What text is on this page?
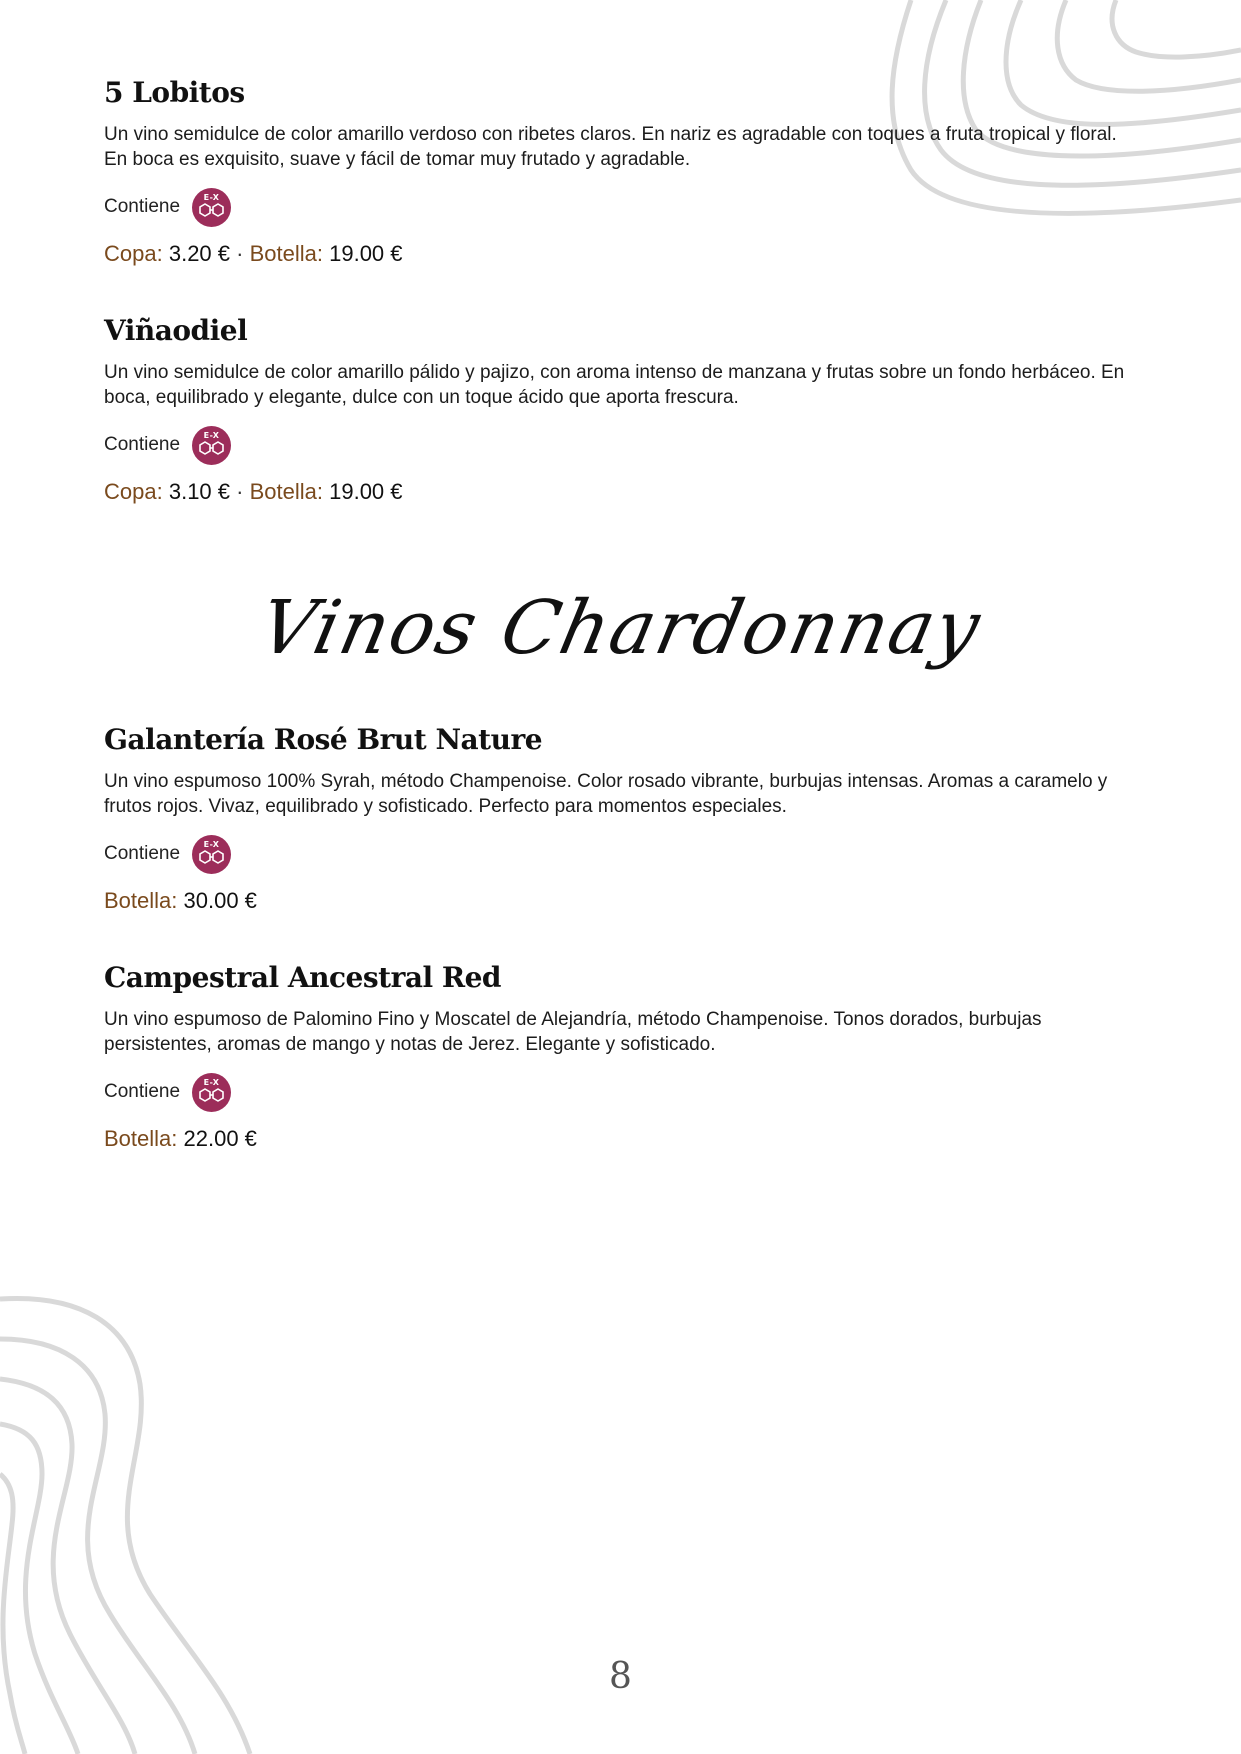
5 Lobitos

Un vino semidulce de color amarillo verdoso con ribetes claros. En nariz es agradable con toques a fruta tropical y floral. En boca es exquisito, suave y fácil de tomar muy frutado y agradable.

Contiene	E-X
Copa: 3.20 € · Botella: 19.00 €
Viñaodiel

Un vino semidulce de color amarillo pálido y pajizo, con aroma intenso de manzana y frutas sobre un fondo herbáceo. En boca, equilibrado y elegante, dulce con un toque ácido que aporta frescura.

Contiene	E-X
Copa: 3.10 € · Botella: 19.00 €
Vinos Chardonnay
Galantería Rosé Brut Nature

Un vino espumoso 100% Syrah, método Champenoise. Color rosado vibrante, burbujas intensas. Aromas a caramelo y frutos rojos. Vivaz, equilibrado y sofisticado. Perfecto para momentos especiales.

Contiene	E-X
Botella: 30.00 €
Campestral Ancestral Red

Un vino espumoso de Palomino Fino y Moscatel de Alejandría, método Champenoise. Tonos dorados, burbujas persistentes, aromas de mango y notas de Jerez. Elegante y sofisticado.

Contiene	E-X
Botella: 22.00 €
8
